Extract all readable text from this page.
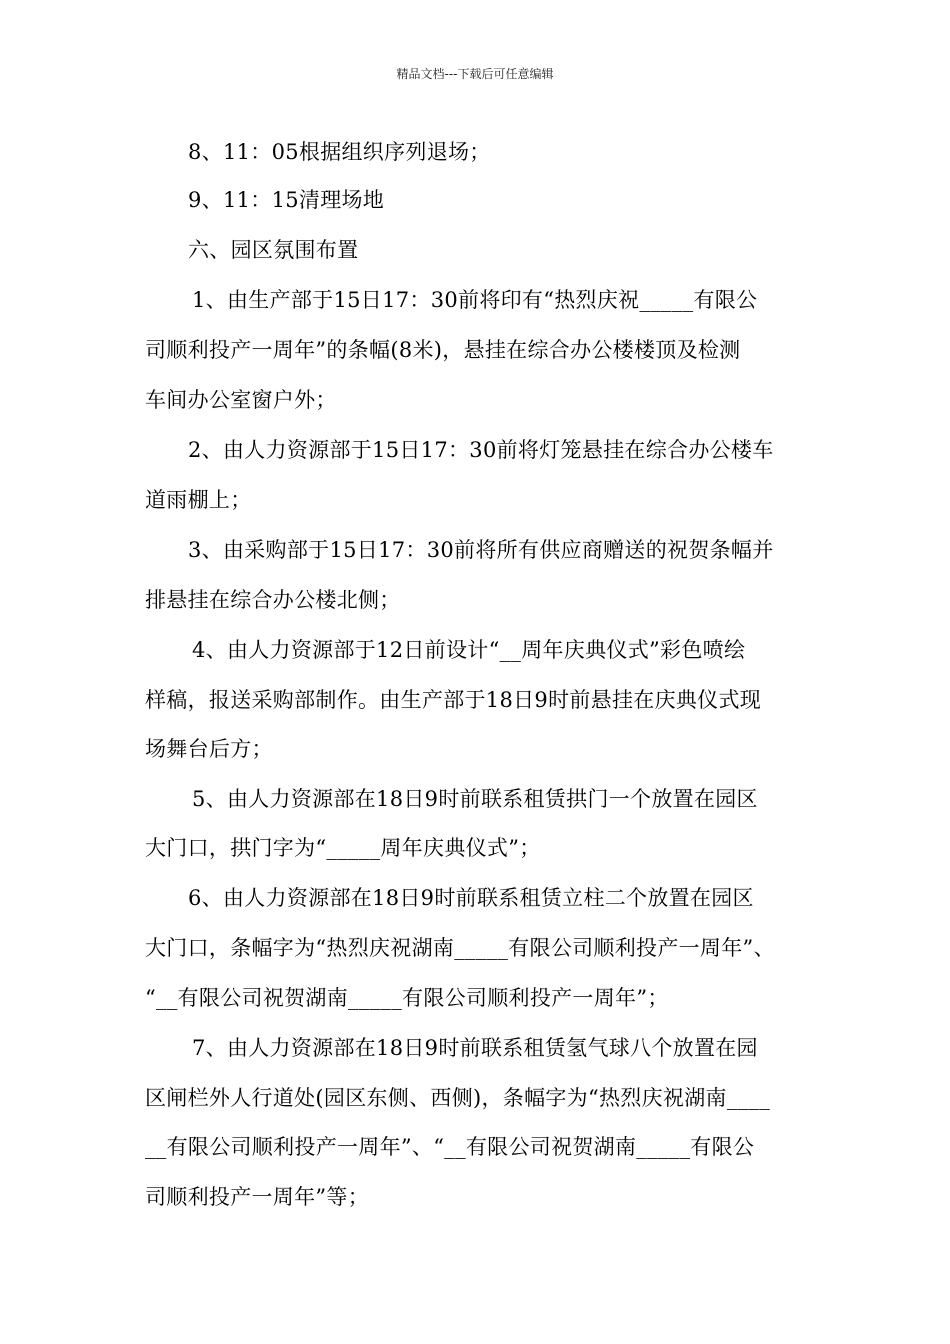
精品文档---下载后可任意编辑
8、11：05根据组织序列退场；
9、11：15清理场地
六、园区氛围布置
1、由生产部于15日17：30前将印有“热烈庆祝_____有限公
司顺利投产一周年”的条幅(8米)，悬挂在综合办公楼楼顶及检测
车间办公室窗户外；
2、由人力资源部于15日17：30前将灯笼悬挂在综合办公楼车
道雨棚上；
3、由采购部于15日17：30前将所有供应商赠送的祝贺条幅并
排悬挂在综合办公楼北侧；
4、由人力资源部于12日前设计“__周年庆典仪式”彩色喷绘
样稿，报送采购部制作。由生产部于18日9时前悬挂在庆典仪式现
场舞台后方；
5、由人力资源部在18日9时前联系租赁拱门一个放置在园区
大门口，拱门字为“_____周年庆典仪式”；
6、由人力资源部在18日9时前联系租赁立柱二个放置在园区
大门口，条幅字为“热烈庆祝湖南_____有限公司顺利投产一周年”、
“__有限公司祝贺湖南_____有限公司顺利投产一周年”；
7、由人力资源部在18日9时前联系租赁氢气球八个放置在园
区闸栏外人行道处(园区东侧、西侧)，条幅字为“热烈庆祝湖南____
__有限公司顺利投产一周年”、“__有限公司祝贺湖南_____有限公
司顺利投产一周年”等；
